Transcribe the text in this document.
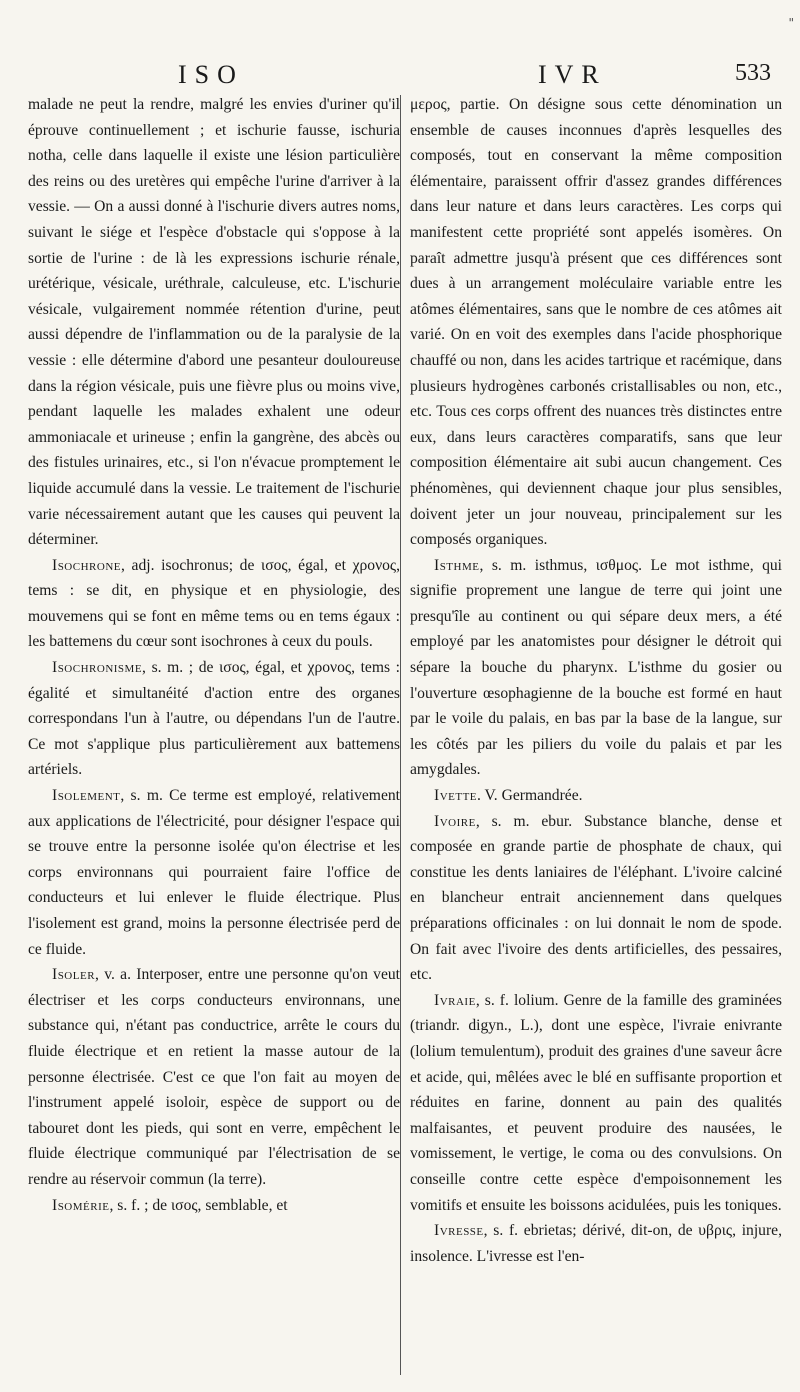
ISO	IVR	533
"

malade ne peut la rendre, malgré les envies d'uriner qu'il éprouve continuellement ; et ischurie fausse, ischuria notha, celle dans laquelle il existe une lésion particulière des reins ou des uretères qui empêche l'urine d'arriver à la vessie. — On a aussi donné à l'ischurie divers autres noms, suivant le siége et l'espèce d'obstacle qui s'oppose à la sortie de l'urine : de là les expressions ischurie rénale, urétérique, vésicale, uréthrale, calculeuse, etc. L'ischurie vésicale, vulgairement nommée rétention d'urine, peut aussi dépendre de l'inflammation ou de la paralysie de la vessie : elle détermine d'abord une pesanteur douloureuse dans la région vésicale, puis une fièvre plus ou moins vive, pendant laquelle les malades exhalent une odeur ammoniacale et urineuse ; enfin la gangrène, des abcès ou des fistules urinaires, etc., si l'on n'évacue promptement le liquide accumulé dans la vessie. Le traitement de l'ischurie varie nécessairement autant que les causes qui peuvent la déterminer.

Isochrone, adj. isochronus; de ισος, égal, et χρονος, tems : se dit, en physique et en physiologie, des mouvemens qui se font en même tems ou en tems égaux : les battemens du cœur sont isochrones à ceux du pouls.

Isochronisme, s. m. ; de ισος, égal, et χρονος, tems : égalité et simultanéité d'action entre des organes correspondans l'un à l'autre, ou dépendans l'un de l'autre. Ce mot s'applique plus particulièrement aux battemens artériels.

Isolement, s. m. Ce terme est employé, relativement aux applications de l'électricité, pour désigner l'espace qui se trouve entre la personne isolée qu'on électrise et les corps environnans qui pourraient faire l'office de conducteurs et lui enlever le fluide électrique. Plus l'isolement est grand, moins la personne électrisée perd de ce fluide.

Isoler, v. a. Interposer, entre une personne qu'on veut électriser et les corps conducteurs environnans, une substance qui, n'étant pas conductrice, arrête le cours du fluide électrique et en retient la masse autour de la personne électrisée. C'est ce que l'on fait au moyen de l'instrument appelé isoloir, espèce de support ou de tabouret dont les pieds, qui sont en verre, empêchent le fluide électrique communiqué par l'électrisation de se rendre au réservoir commun (la terre).

Isomérie, s. f. ; de ισος, semblable, et

μερος, partie. On désigne sous cette dénomination un ensemble de causes inconnues d'après lesquelles des composés, tout en conservant la même composition élémentaire, paraissent offrir d'assez grandes différences dans leur nature et dans leurs caractères. Les corps qui manifestent cette propriété sont appelés isomères. On paraît admettre jusqu'à présent que ces différences sont dues à un arrangement moléculaire variable entre les atômes élémentaires, sans que le nombre de ces atômes ait varié. On en voit des exemples dans l'acide phosphorique chauffé ou non, dans les acides tartrique et racémique, dans plusieurs hydrogènes carbonés cristallisables ou non, etc., etc. Tous ces corps offrent des nuances très distinctes entre eux, dans leurs caractères comparatifs, sans que leur composition élémentaire ait subi aucun changement. Ces phénomènes, qui deviennent chaque jour plus sensibles, doivent jeter un jour nouveau, principalement sur les composés organiques.

Isthme, s. m. isthmus, ισθμος. Le mot isthme, qui signifie proprement une langue de terre qui joint une presqu'île au continent ou qui sépare deux mers, a été employé par les anatomistes pour désigner le détroit qui sépare la bouche du pharynx. L'isthme du gosier ou l'ouverture œsophagienne de la bouche est formé en haut par le voile du palais, en bas par la base de la langue, sur les côtés par les piliers du voile du palais et par les amygdales.

Ivette. V. Germandrée.

Ivoire, s. m. ebur. Substance blanche, dense et composée en grande partie de phosphate de chaux, qui constitue les dents laniaires de l'éléphant. L'ivoire calciné en blancheur entrait anciennement dans quelques préparations officinales : on lui donnait le nom de spode. On fait avec l'ivoire des dents artificielles, des pessaires, etc.

Ivraie, s. f. lolium. Genre de la famille des graminées (triandr. digyn., L.), dont une espèce, l'ivraie enivrante (lolium temulentum), produit des graines d'une saveur âcre et acide, qui, mêlées avec le blé en suffisante proportion et réduites en farine, donnent au pain des qualités malfaisantes, et peuvent produire des nausées, le vomissement, le vertige, le coma ou des convulsions. On conseille contre cette espèce d'empoisonnement les vomitifs et ensuite les boissons acidulées, puis les toniques.

Ivresse, s. f. ebrietas; dérivé, dit-on, de υβρις, injure, insolence. L'ivresse est l'en-
